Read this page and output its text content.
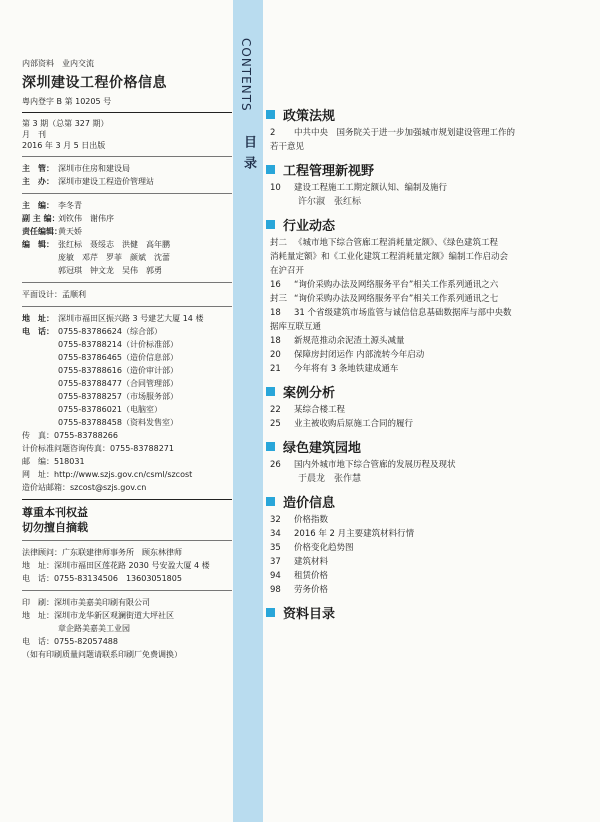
内部资料　业内交流
深圳建设工程价格信息
粤内登字 B 第 10205 号
第 3 期（总第 327 期）
月　刊
2016 年 3 月 5 日出版
主　管： 深圳市住房和建设局
主　办： 深圳市建设工程造价管理站
主　编： 李冬青
副 主 编：
刘钦伟　谢伟序
责任编辑：
黄天娇
编　辑： 张红标　聂绥志　洪健　高年鹏
庞敏　邓芹　罗菲　颜斌　沈蕾
郭冠琪　钟文龙　吴伟　郭勇
平面设计：孟顺利
地　址： 深圳市福田区振兴路 3 号建艺大厦 14 楼
电　话： 0755-83786624（综合部）
0755-83788214（计价标准部）
0755-83786465（造价信息部）
0755-83788616（造价审计部）
0755-83788477（合同管理部）
0755-83788257（市场服务部）
0755-83786021（电脑室）
0755-83788458（资料发售室）
传　真：0755-83788266
计价标准问题咨询传真：0755-83788271
邮　编：518031
网　址：http://www.szjs.gov.cn/csml/szcost
造价站邮箱：szcost@szjs.gov.cn
尊重本刊权益
切勿擅自摘载
法律顾问：广东联建律师事务所　顾东林律师
地　址：深圳市福田区莲花路 2030 号安盈大厦 4 楼
电　话：0755-83134506　13603051805
印　刷：深圳市美嘉美印刷有限公司
地　址：深圳市龙华新区观澜街道大坪社区
章企路美嘉美工业园
电　话：0755-82057488
（如有印刷质量问题请联系印刷厂免费调换）
CONTENTS
目录
政策法规
2	中共中央　国务院关于进一步加强城市规划建设管理工作的
若干意见
工程管理新视野
10	建设工程施工工期定额认知、编制及施行
许尔淑　张红标
行业动态
封二 《城市地下综合管廊工程消耗量定额》、《绿色建筑工程
消耗量定额》和《工业化建筑工程消耗量定额》编制工作启动会
在沪召开
16	“询价采购办法及网络服务平台”相关工作系列通讯之六
封三 “询价采购办法及网络服务平台”相关工作系列通讯之七
18	31 个省级建筑市场监管与诚信信息基础数据库与部中央数
据库互联互通
18	新规范推动余泥渣土源头减量
20	保障房封闭运作 内部流转今年启动
21	今年将有 3 条地铁建成通车
案例分析
22	某综合楼工程
25	业主被收购后原施工合同的履行
绿色建筑园地
26	国内外城市地下综合管廊的发展历程及现状
于晨龙　张作慧
造价信息
32	价格指数
34	2016 年 2 月主要建筑材料行情
35	价格变化趋势图
37	建筑材料
94	租赁价格
98	劳务价格
资料目录
